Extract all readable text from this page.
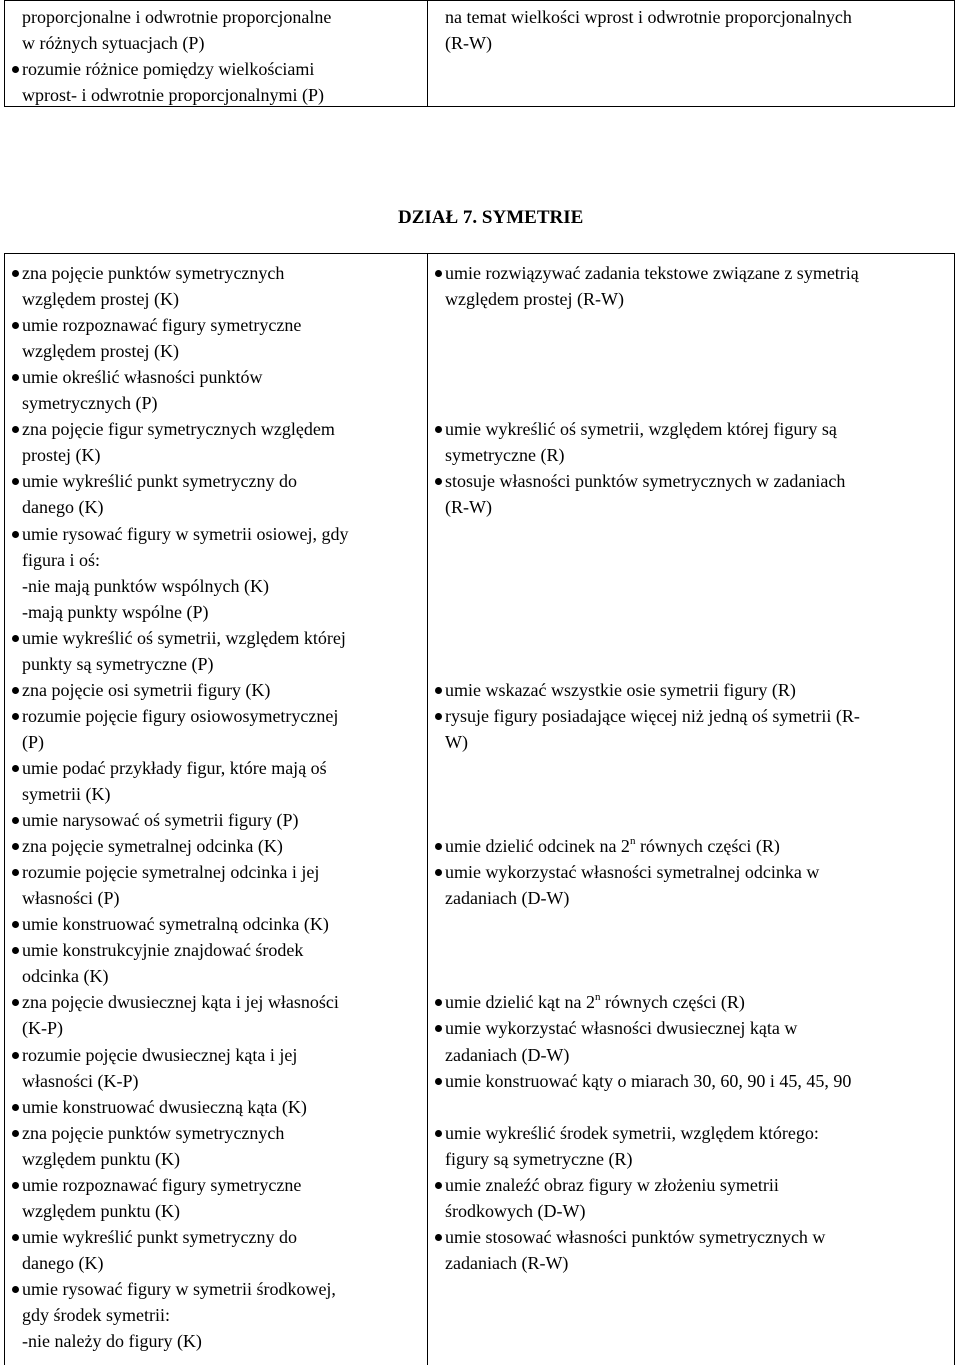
proporcjonalne i odwrotnie proporcjonalne
w różnych sytuacjach (P)
rozumie różnice pomiędzy wielkościami
wprost- i odwrotnie proporcjonalnymi (P)
na temat wielkości wprost i odwrotnie proporcjonalnych
(R-W)
DZIAŁ 7. SYMETRIE
zna pojęcie punktów symetrycznych
względem prostej (K)
umie rozpoznawać figury symetryczne
względem prostej (K)
umie określić własności punktów
symetrycznych (P)
zna pojęcie figur symetrycznych względem
prostej (K)
umie wykreślić punkt symetryczny do
danego (K)
umie rysować figury w symetrii osiowej, gdy
figura i oś:
-nie mają punktów wspólnych (K)
-mają punkty wspólne (P)
umie wykreślić oś symetrii, względem której
punkty są symetryczne (P)
zna pojęcie osi symetrii figury (K)
rozumie pojęcie figury osiowosymetrycznej
(P)
umie podać przykłady figur, które mają oś
symetrii (K)
umie narysować oś symetrii figury (P)
zna pojęcie symetralnej odcinka (K)
rozumie pojęcie symetralnej odcinka i jej
własności (P)
umie konstruować symetralną odcinka (K)
umie konstrukcyjnie znajdować środek
odcinka (K)
zna pojęcie dwusiecznej kąta i jej własności
(K-P)
rozumie pojęcie dwusiecznej kąta i jej
własności (K-P)
umie konstruować dwusieczną kąta (K)
zna pojęcie punktów symetrycznych
względem punktu (K)
umie rozpoznawać figury symetryczne
względem punktu (K)
umie wykreślić punkt symetryczny do
danego (K)
umie rysować figury w symetrii środkowej,
gdy środek symetrii:
-nie należy do figury (K)
umie rozwiązywać zadania tekstowe związane z symetrią
względem prostej (R-W)
umie wykreślić oś symetrii, względem której figury są
symetryczne (R)
stosuje własności punktów symetrycznych w zadaniach
(R-W)
umie wskazać wszystkie osie symetrii figury (R)
rysuje figury posiadające więcej niż jedną oś symetrii (R-
W)
umie dzielić odcinek na 2$^n$ równych części (R)
umie wykorzystać własności symetralnej odcinka w
zadaniach (D-W)
umie dzielić kąt na 2$^n$ równych części (R)
umie wykorzystać własności dwusiecznej kąta w
zadaniach (D-W)
umie konstruować kąty o miarach 30, 60, 90 i 45, 45, 90
umie wykreślić środek symetrii, względem którego:
figury są symetryczne (R)
umie znaleźć obraz figury w złożeniu symetrii
środkowych (D-W)
umie stosować własności punktów symetrycznych w
zadaniach (R-W)
